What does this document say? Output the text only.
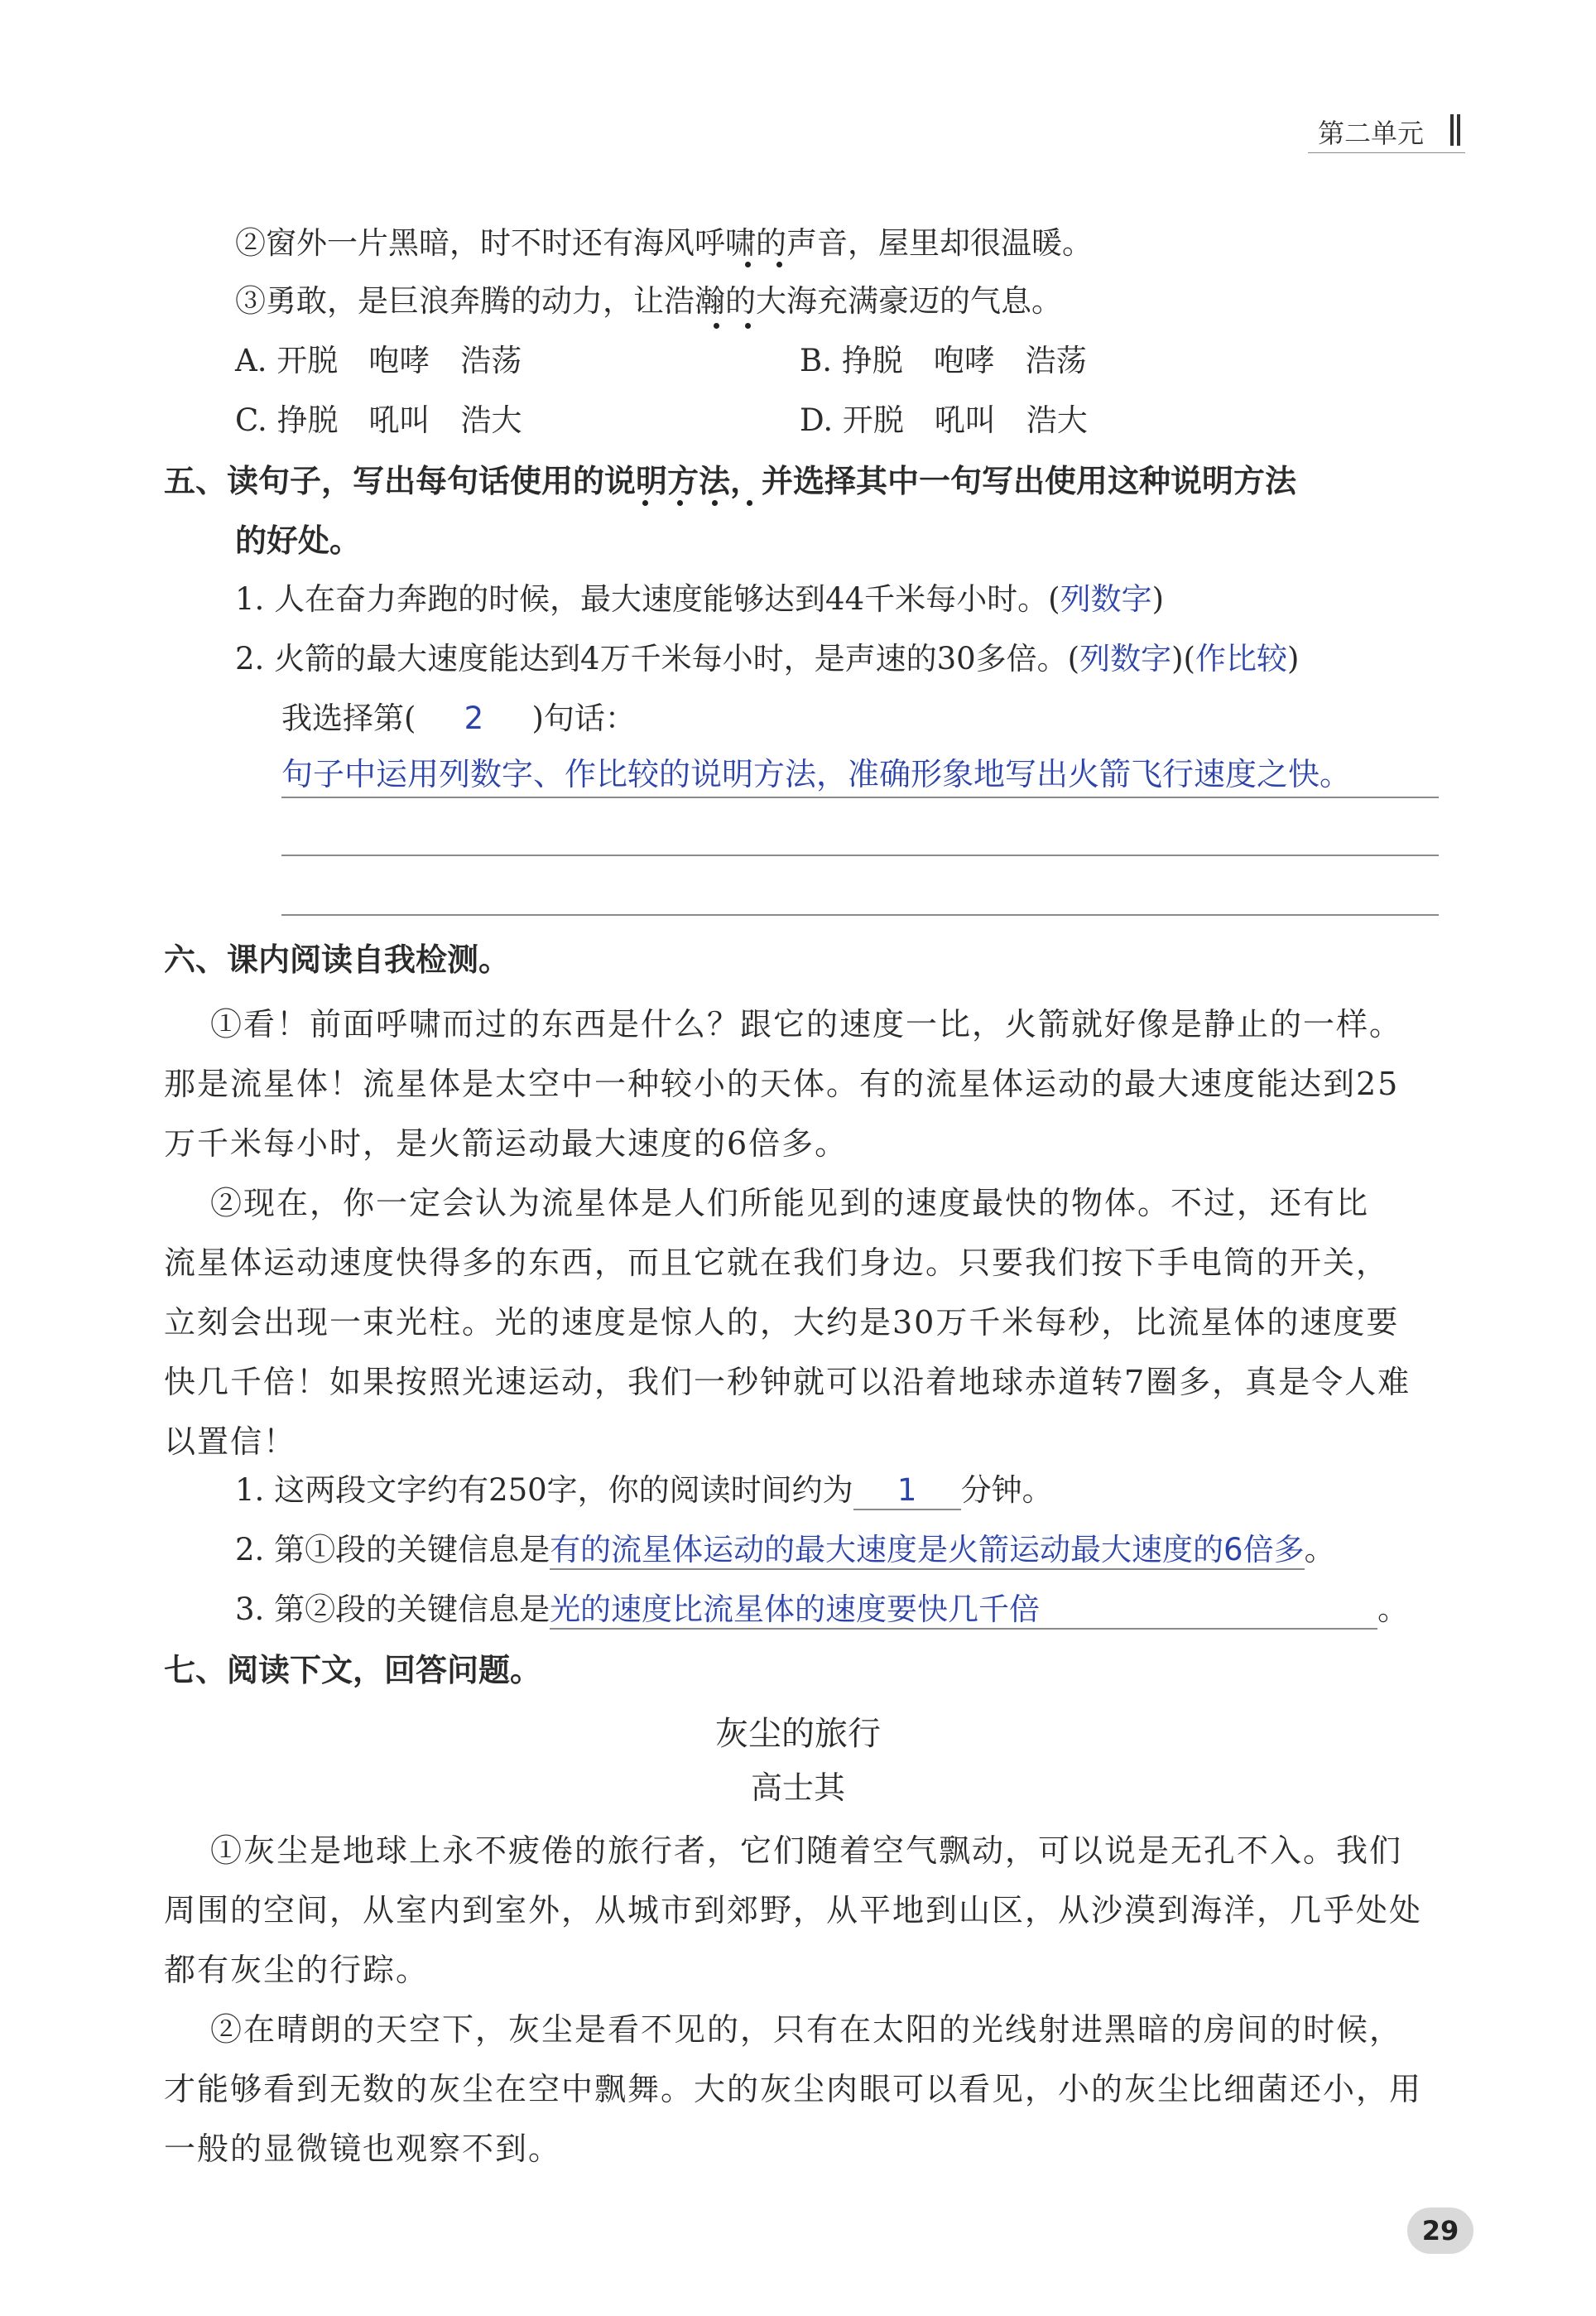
第二单元
②窗外一片黑暗，时不时还有海风呼啸的声音，屋里却很温暖。
③勇敢，是巨浪奔腾的动力，让浩瀚的大海充满豪迈的气息。
A. 开脱　咆哮　浩荡	B. 挣脱　咆哮　浩荡
C. 挣脱　吼叫　浩大	D. 开脱　吼叫　浩大
五、读句子，写出每句话使用的说明方法，并选择其中一句写出使用这种说明方法
的好处。
1. 人在奋力奔跑的时候，最大速度能够达到44千米每小时。(列数字)
2. 火箭的最大速度能达到4万千米每小时，是声速的30多倍。(列数字)(作比较)
我选择第( 2 )句话：
句子中运用列数字、作比较的说明方法，准确形象地写出火箭飞行速度之快。
六、课内阅读自我检测。
①看！前面呼啸而过的东西是什么？跟它的速度一比，火箭就好像是静止的一样。
那是流星体！流星体是太空中一种较小的天体。有的流星体运动的最大速度能达到25
万千米每小时，是火箭运动最大速度的6倍多。
②现在，你一定会认为流星体是人们所能见到的速度最快的物体。不过，还有比
流星体运动速度快得多的东西，而且它就在我们身边。只要我们按下手电筒的开关，
立刻会出现一束光柱。光的速度是惊人的，大约是30万千米每秒，比流星体的速度要
快几千倍！如果按照光速运动，我们一秒钟就可以沿着地球赤道转7圈多，真是令人难
以置信！
1. 这两段文字约有250字，你的阅读时间约为 1 分钟。
2. 第①段的关键信息是有的流星体运动的最大速度是火箭运动最大速度的6倍多。
3. 第②段的关键信息是光的速度比流星体的速度要快几千倍	。
七、阅读下文，回答问题。
灰尘的旅行
高士其
①灰尘是地球上永不疲倦的旅行者，它们随着空气飘动，可以说是无孔不入。我们
周围的空间，从室内到室外，从城市到郊野，从平地到山区，从沙漠到海洋，几乎处处
都有灰尘的行踪。
②在晴朗的天空下，灰尘是看不见的，只有在太阳的光线射进黑暗的房间的时候，
才能够看到无数的灰尘在空中飘舞。大的灰尘肉眼可以看见，小的灰尘比细菌还小，用
一般的显微镜也观察不到。
29
